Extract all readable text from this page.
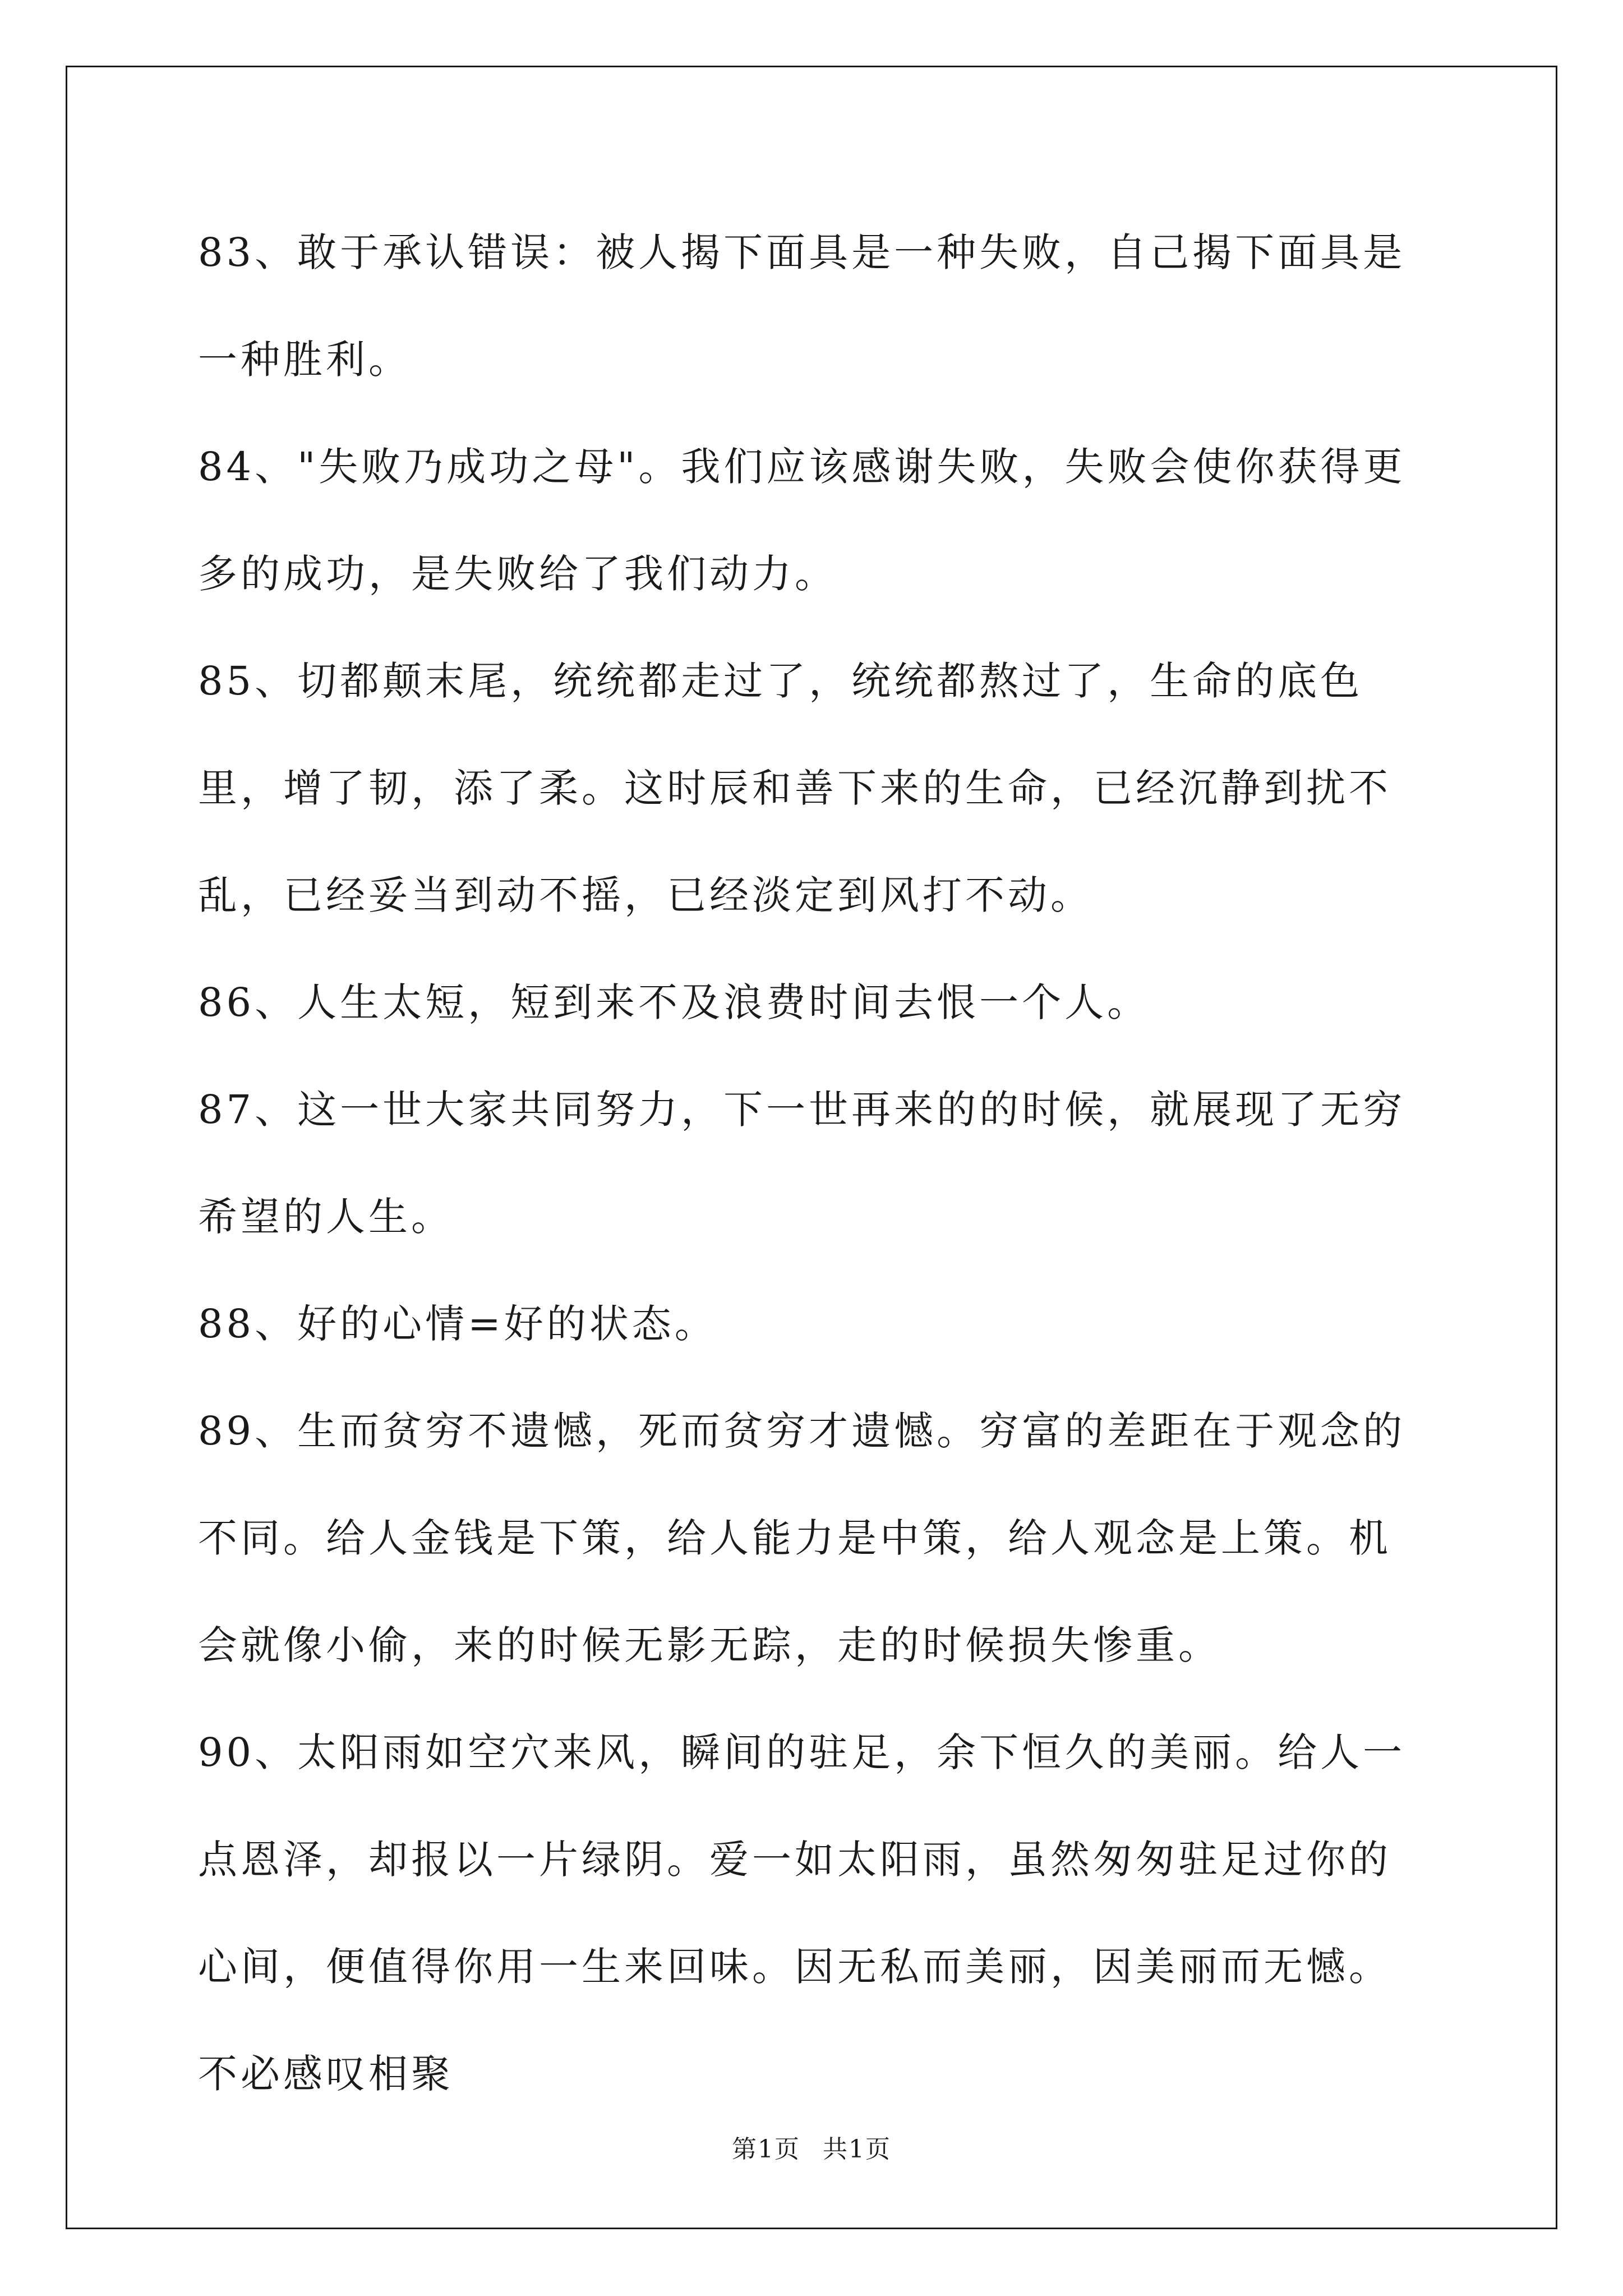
83、敢于承认错误：被人揭下面具是一种失败，自己揭下面具是一种胜利。

84、"失败乃成功之母"。我们应该感谢失败，失败会使你获得更多的成功，是失败给了我们动力。

85、切都颠末尾，统统都走过了，统统都熬过了，生命的底色里，增了韧，添了柔。这时辰和善下来的生命，已经沉静到扰不乱，已经妥当到动不摇，已经淡定到风打不动。

86、人生太短，短到来不及浪费时间去恨一个人。

87、这一世大家共同努力，下一世再来的的时候，就展现了无穷希望的人生。

88、好的心情=好的状态。

89、生而贫穷不遗憾，死而贫穷才遗憾。穷富的差距在于观念的不同。给人金钱是下策，给人能力是中策，给人观念是上策。机会就像小偷，来的时候无影无踪，走的时候损失惨重。

90、太阳雨如空穴来风，瞬间的驻足，余下恒久的美丽。给人一点恩泽，却报以一片绿阴。爱一如太阳雨，虽然匆匆驻足过你的心间，便值得你用一生来回味。因无私而美丽，因美丽而无憾。不必感叹相聚

第1页 共1页
